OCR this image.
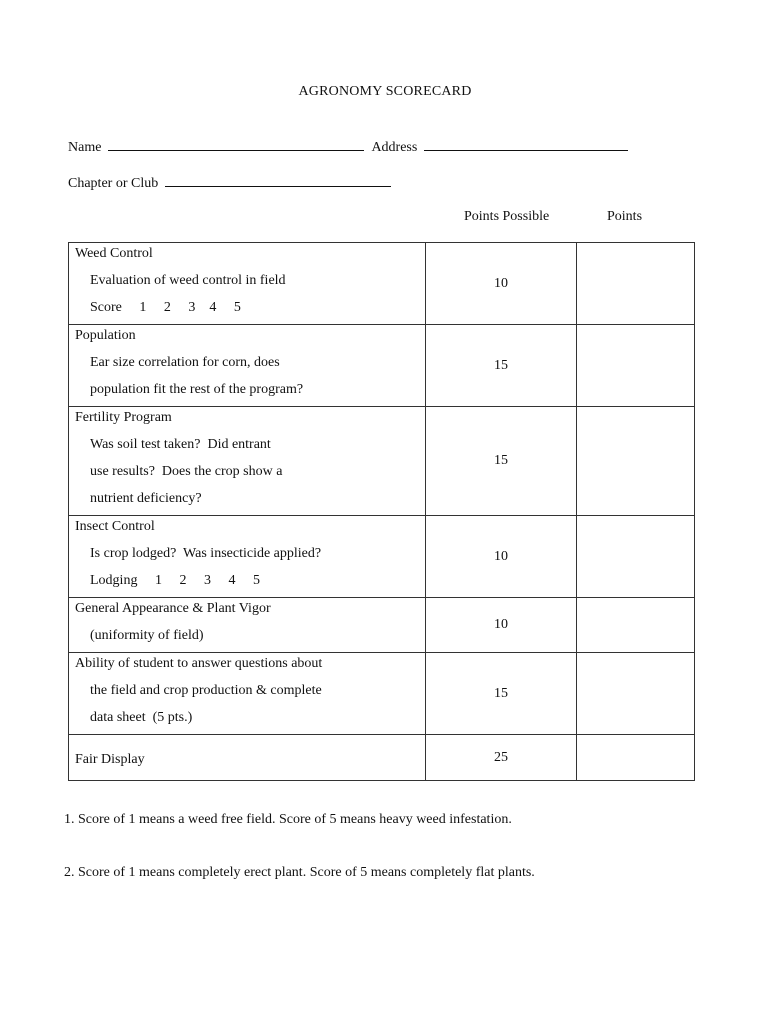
AGRONOMY SCORECARD
Name	Address
Chapter or Club
Points Possible	Points
Weed Control
Evaluation of weed control in field
Score     1     2     3    4     5	10	

Population
Ear size correlation for corn, does
population fit the rest of the program?	15	

Fertility Program
Was soil test taken?  Did entrant
use results?  Does the crop show a
nutrient deficiency?	15	

Insect Control
Is crop lodged?  Was insecticide applied?
Lodging     1     2     3     4     5	10	

General Appearance & Plant Vigor
(uniformity of field)	10	

Ability of student to answer questions about
the field and crop production & complete
data sheet  (5 pts.)	15	

Fair Display	25	
1. Score of 1 means a weed free field. Score of 5 means heavy weed infestation.
2. Score of 1 means completely erect plant. Score of 5 means completely flat plants.
